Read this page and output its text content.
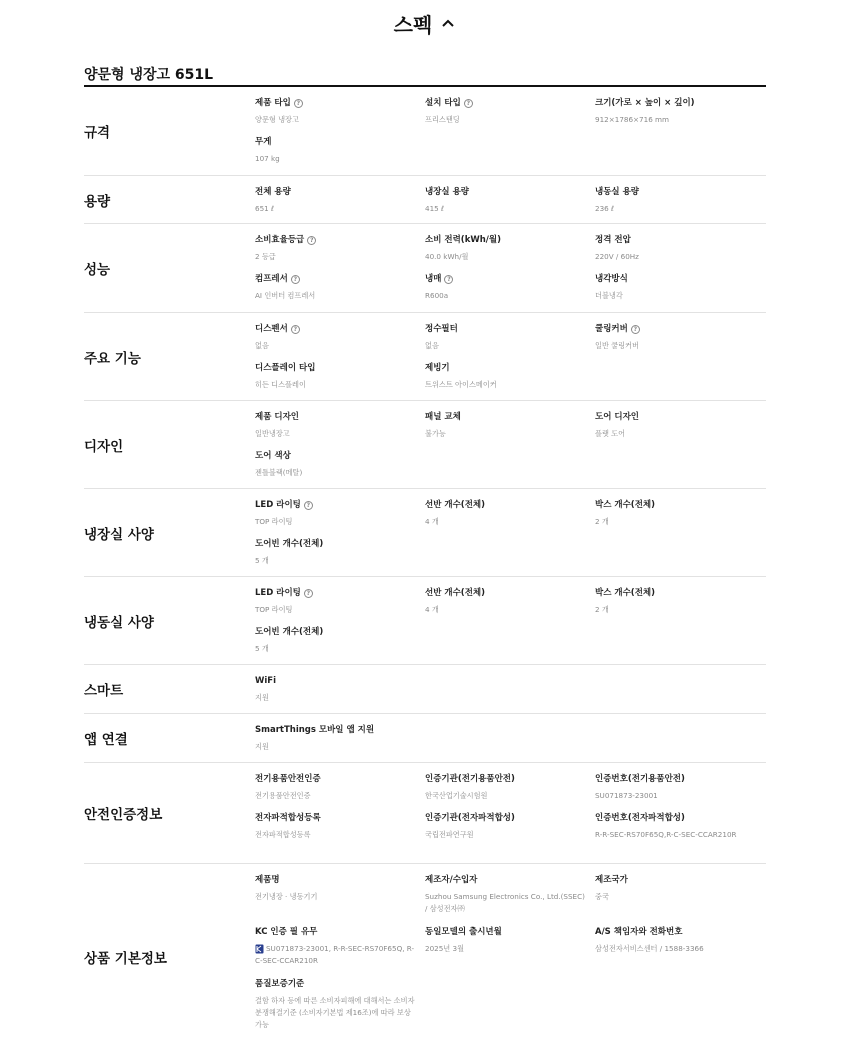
스펙
양문형 냉장고 651L
규격
제품 타입 ?
양문형 냉장고
설치 타입 ?
프리스탠딩
크기(가로 × 높이 × 깊이)
912×1786×716 mm
무게
107 kg
용량
전체 용량
651 ℓ
냉장실 용량
415 ℓ
냉동실 용량
236 ℓ
성능
소비효율등급 ?
2 등급
소비 전력(kWh/월)
40.0 kWh/월
정격 전압
220V / 60Hz
컴프레서 ?
AI 인버터 컴프레서
냉매 ?
R600a
냉각방식
더블냉각
주요 기능
디스펜서 ?
없음
정수필터
없음
쿨링커버 ?
일반 쿨링커버
디스플레이 타입
히든 디스플레이
제빙기
트위스트 아이스메이커
디자인
제품 디자인
일반냉장고
패널 교체
불가능
도어 디자인
플랫 도어
도어 색상
젠틀블랙(메탈)
냉장실 사양
LED 라이팅 ?
TOP 라이팅
선반 개수(전체)
4 개
박스 개수(전체)
2 개
도어빈 개수(전체)
5 개
냉동실 사양
LED 라이팅 ?
TOP 라이팅
선반 개수(전체)
4 개
박스 개수(전체)
2 개
도어빈 개수(전체)
5 개
스마트
WiFi
지원
앱 연결
SmartThings 모바일 앱 지원
지원
안전인증정보
전기용품안전인증
전기용품안전인증
인증기관(전기용품안전)
한국산업기술시험원
인증번호(전기용품안전)
SU071873-23001
전자파적합성등록
전자파적합성등록
인증기관(전자파적합성)
국립전파연구원
인증번호(전자파적합성)
R-R-SEC-RS70F65Q,R-C-SEC-CCAR210R
상품 기본정보
제품명
전기냉장 · 냉동기기
제조자/수입자
Suzhou Samsung Electronics Co., Ltd.(SSEC) / 삼성전자㈜
제조국가
중국
KC 인증 필 유무
SU071873-23001, R-R-SEC-RS70F65Q, R-C-SEC-CCAR210R
동일모델의 출시년월
2025년 3월
A/S 책임자와 전화번호
삼성전자서비스센터 / 1588-3366
품질보증기준
결함 하자 등에 따른 소비자피해에 대해서는 소비자분쟁해결기준 (소비자기본법 제16조)에 따라 보상가능
